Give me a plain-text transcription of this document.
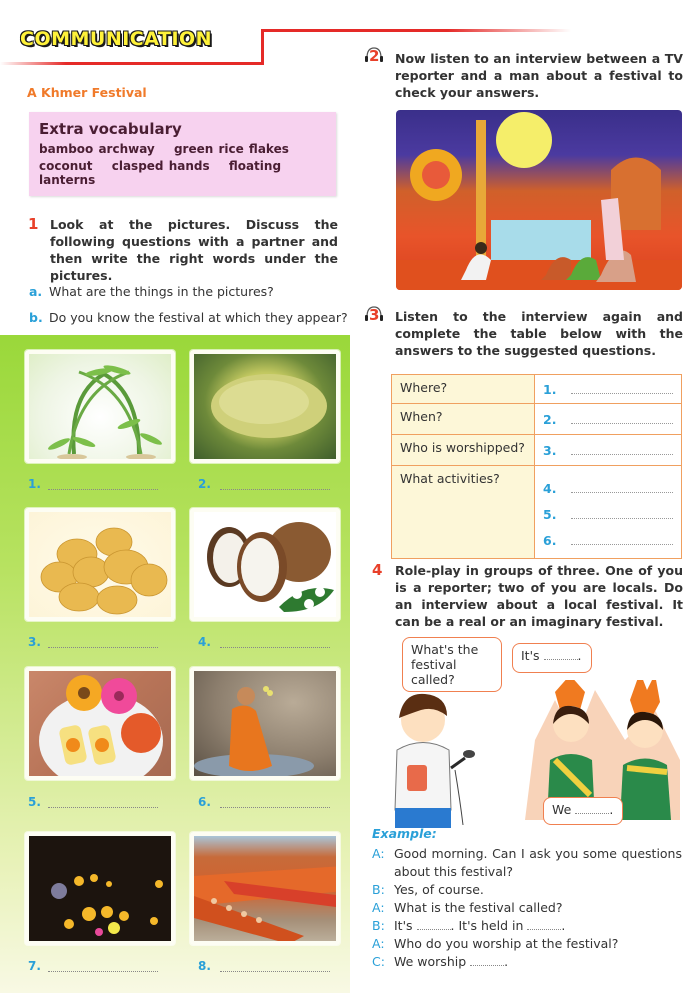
COMMUNICATION
A Khmer Festival
Extra vocabulary
bamboo archway green rice flakes
coconut clasped hands floating lanterns
1 Look at the pictures. Discuss the following questions with a partner and then write the right words under the pictures.
a. What are the things in the pictures?
b. Do you know the festival at which they appear?
1.	2.
3.	4.
5.	6.
7.	8.
2 Now listen to an interview between a TV reporter and a man about a festival to check your answers.
3 Listen to the interview again and complete the table below with the answers to the suggested questions.
Where?	1.

When?	2.

Who is worshipped?	3.

What activities?	4.
5.
6.
4 Role-play in groups of three. One of you is a reporter; two of you are locals. Do an interview about a local festival. It can be a real or an imaginary festival.
What's the
festival called?
It's	.
We	.
Example:
A: Good morning. Can I ask you some questions about this festival?
B: Yes, of course.
A: What is the festival called?
B: It's	. It's held in	.
A: Who do you worship at the festival?
C: We worship	.
